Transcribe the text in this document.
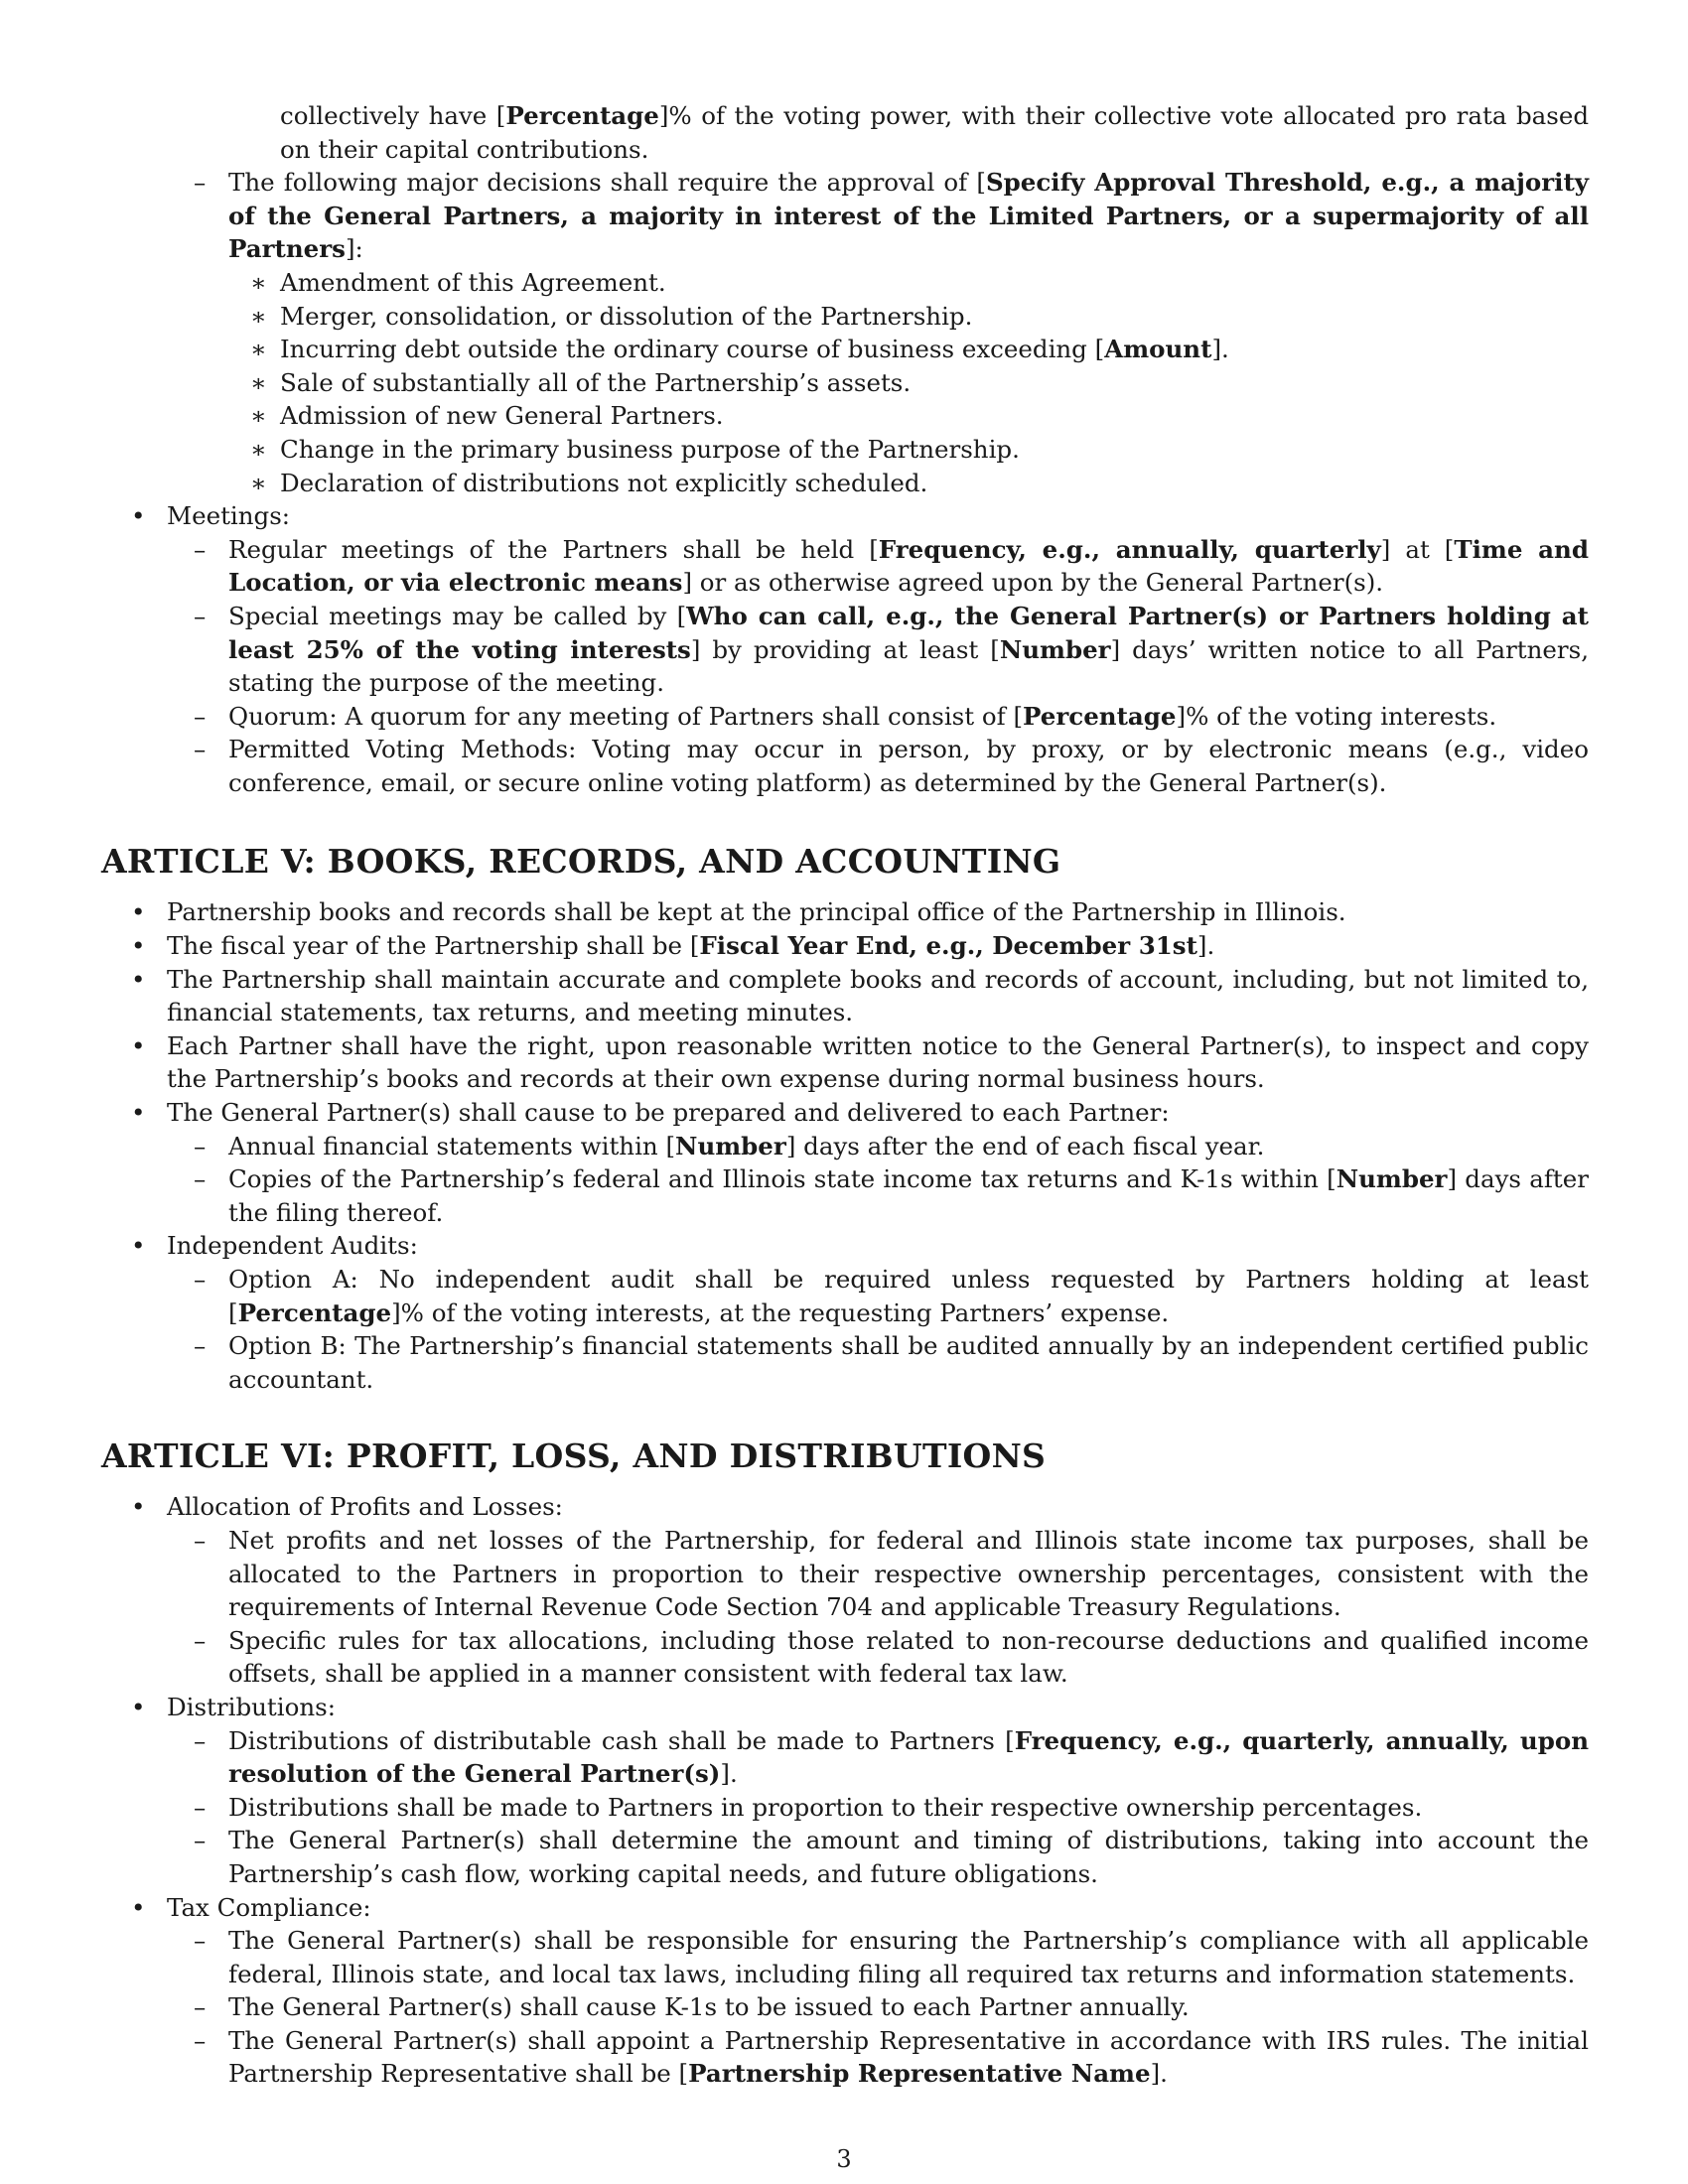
collectively have [Percentage]% of the voting power, with their collective vote allocated pro rata based on their capital contributions.
– The following major decisions shall require the approval of [Specify Approval Threshold, e.g., a majority of the General Partners, a majority in interest of the Limited Partners, or a supermajority of all Partners]:
∗ Amendment of this Agreement.
∗ Merger, consolidation, or dissolution of the Partnership.
∗ Incurring debt outside the ordinary course of business exceeding [Amount].
∗ Sale of substantially all of the Partnership’s assets.
∗ Admission of new General Partners.
∗ Change in the primary business purpose of the Partnership.
∗ Declaration of distributions not explicitly scheduled.
• Meetings:
– Regular meetings of the Partners shall be held [Frequency, e.g., annually, quarterly] at [Time and Location, or via electronic means] or as otherwise agreed upon by the General Partner(s).
– Special meetings may be called by [Who can call, e.g., the General Partner(s) or Partners holding at least 25% of the voting interests] by providing at least [Number] days’ written notice to all Partners, stating the purpose of the meeting.
– Quorum: A quorum for any meeting of Partners shall consist of [Percentage]% of the voting interests.
– Permitted Voting Methods: Voting may occur in person, by proxy, or by electronic means (e.g., video conference, email, or secure online voting platform) as determined by the General Partner(s).
ARTICLE V: BOOKS, RECORDS, AND ACCOUNTING
• Partnership books and records shall be kept at the principal office of the Partnership in Illinois.
• The fiscal year of the Partnership shall be [Fiscal Year End, e.g., December 31st].
• The Partnership shall maintain accurate and complete books and records of account, including, but not limited to, financial statements, tax returns, and meeting minutes.
• Each Partner shall have the right, upon reasonable written notice to the General Partner(s), to inspect and copy the Partnership’s books and records at their own expense during normal business hours.
• The General Partner(s) shall cause to be prepared and delivered to each Partner:
– Annual financial statements within [Number] days after the end of each fiscal year.
– Copies of the Partnership’s federal and Illinois state income tax returns and K-1s within [Number] days after the filing thereof.
• Independent Audits:
– Option A: No independent audit shall be required unless requested by Partners holding at least [Percentage]% of the voting interests, at the requesting Partners’ expense.
– Option B: The Partnership’s financial statements shall be audited annually by an independent certified public accountant.
ARTICLE VI: PROFIT, LOSS, AND DISTRIBUTIONS
• Allocation of Profits and Losses:
– Net profits and net losses of the Partnership, for federal and Illinois state income tax purposes, shall be allocated to the Partners in proportion to their respective ownership percentages, consistent with the requirements of Internal Revenue Code Section 704 and applicable Treasury Regulations.
– Specific rules for tax allocations, including those related to non-recourse deductions and qualified income offsets, shall be applied in a manner consistent with federal tax law.
• Distributions:
– Distributions of distributable cash shall be made to Partners [Frequency, e.g., quarterly, annually, upon resolution of the General Partner(s)].
– Distributions shall be made to Partners in proportion to their respective ownership percentages.
– The General Partner(s) shall determine the amount and timing of distributions, taking into account the Partnership’s cash flow, working capital needs, and future obligations.
• Tax Compliance:
– The General Partner(s) shall be responsible for ensuring the Partnership’s compliance with all applicable federal, Illinois state, and local tax laws, including filing all required tax returns and information statements.
– The General Partner(s) shall cause K-1s to be issued to each Partner annually.
– The General Partner(s) shall appoint a Partnership Representative in accordance with IRS rules. The initial Partnership Representative shall be [Partnership Representative Name].
3
